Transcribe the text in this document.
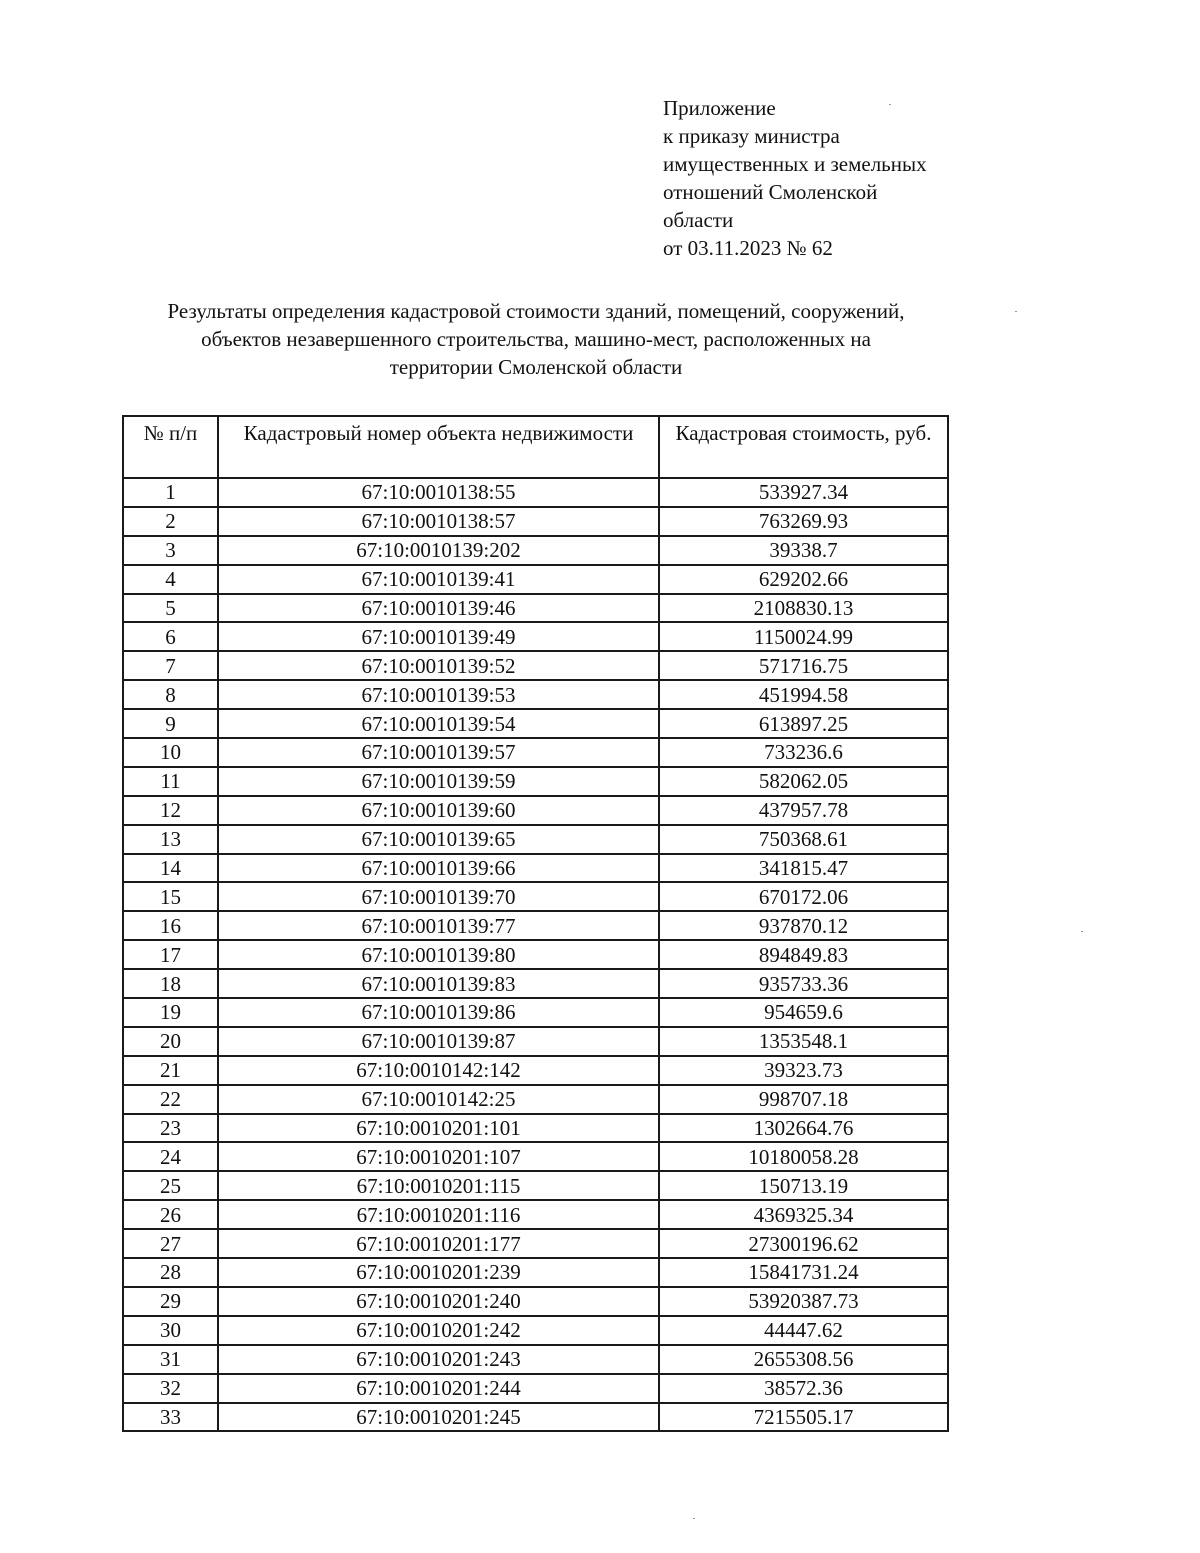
Приложение
к приказу министра
имущественных и земельных
отношений Смоленской
области
от 03.11.2023 № 62
Результаты определения кадастровой стоимости зданий, помещений, сооружений,
объектов незавершенного строительства, машино-мест, расположенных на
территории Смоленской области
№ п/п	Кадастровый номер объекта недвижимости	Кадастровая стоимость, руб.
1	67:10:0010138:55	533927.34
2	67:10:0010138:57	763269.93
3	67:10:0010139:202	39338.7
4	67:10:0010139:41	629202.66
5	67:10:0010139:46	2108830.13
6	67:10:0010139:49	1150024.99
7	67:10:0010139:52	571716.75
8	67:10:0010139:53	451994.58
9	67:10:0010139:54	613897.25
10	67:10:0010139:57	733236.6
11	67:10:0010139:59	582062.05
12	67:10:0010139:60	437957.78
13	67:10:0010139:65	750368.61
14	67:10:0010139:66	341815.47
15	67:10:0010139:70	670172.06
16	67:10:0010139:77	937870.12
17	67:10:0010139:80	894849.83
18	67:10:0010139:83	935733.36
19	67:10:0010139:86	954659.6
20	67:10:0010139:87	1353548.1
21	67:10:0010142:142	39323.73
22	67:10:0010142:25	998707.18
23	67:10:0010201:101	1302664.76
24	67:10:0010201:107	10180058.28
25	67:10:0010201:115	150713.19
26	67:10:0010201:116	4369325.34
27	67:10:0010201:177	27300196.62
28	67:10:0010201:239	15841731.24
29	67:10:0010201:240	53920387.73
30	67:10:0010201:242	44447.62
31	67:10:0010201:243	2655308.56
32	67:10:0010201:244	38572.36
33	67:10:0010201:245	7215505.17
